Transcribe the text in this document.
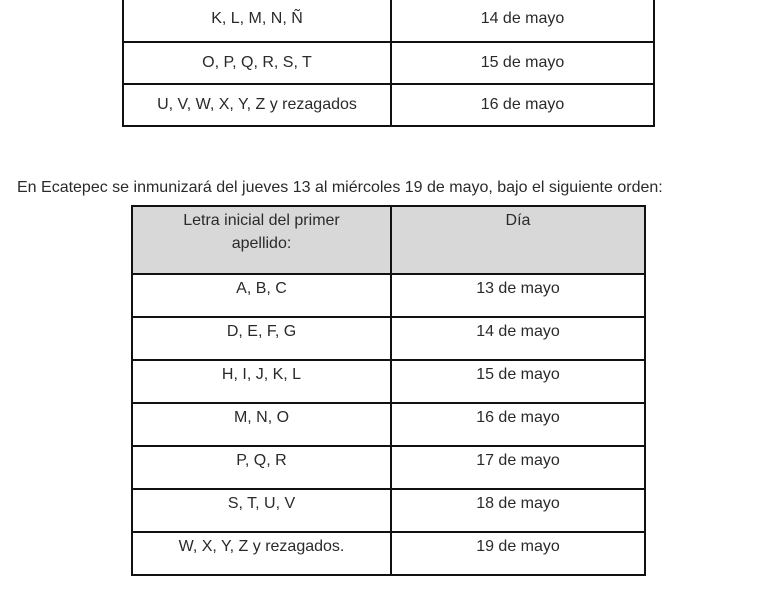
K, L, M, N, Ñ	14 de mayo

O, P, Q, R, S, T	15 de mayo

U, V, W, X, Y, Z y rezagados	16 de mayo

En Ecatepec se inmunizará del jueves 13 al miércoles 19 de mayo, bajo el siguiente orden:

Letra inicial del primer apellido:	Día

A, B, C	13 de mayo

D, E, F, G	14 de mayo

H, I, J, K, L	15 de mayo

M, N, O	16 de mayo

P, Q, R	17 de mayo

S, T, U, V	18 de mayo

W, X, Y, Z y rezagados.	19 de mayo
